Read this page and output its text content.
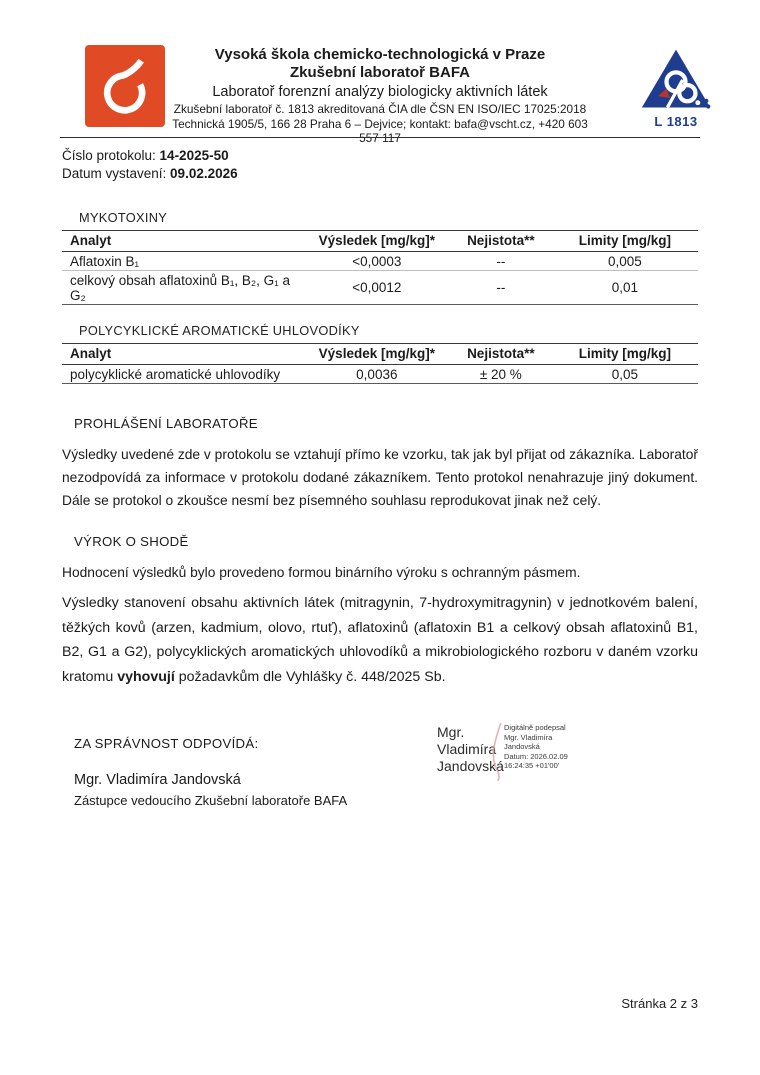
Vysoká škola chemicko-technologická v Praze
Zkušební laboratoř BAFA
Laboratoř forenzní analýzy biologicky aktivních látek
Zkušební laboratoř č. 1813 akreditovaná ČIA dle ČSN EN ISO/IEC 17025:2018
Technická 1905/5, 166 28 Praha 6 – Dejvice; kontakt: bafa@vscht.cz, +420 603 557 117
L 1813
Číslo protokolu: 14-2025-50
Datum vystavení: 09.02.2026
MYKOTOXINY
Analyt	Výsledek [mg/kg]*	Nejistota**	Limity [mg/kg]
Aflatoxin B₁	<0,0003	--	0,005
celkový obsah aflatoxinů B₁, B₂, G₁ a G₂	<0,0012	--	0,01
POLYCYKLICKÉ AROMATICKÉ UHLOVODÍKY
Analyt	Výsledek [mg/kg]*	Nejistota**	Limity [mg/kg]
polycyklické aromatické uhlovodíky	0,0036	± 20 %	0,05
PROHLÁŠENÍ LABORATOŘE

Výsledky uvedené zde v protokolu se vztahují přímo ke vzorku, tak jak byl přijat od zákazníka. Laboratoř nezodpovídá za informace v protokolu dodané zákazníkem. Tento protokol nenahrazuje jiný dokument. Dále se protokol o zkoušce nesmí bez písemného souhlasu reprodukovat jinak než celý.

VÝROK O SHODĚ

Hodnocení výsledků bylo provedeno formou binárního výroku s ochranným pásmem.

Výsledky stanovení obsahu aktivních látek (mitragynin, 7-hydroxymitragynin) v jednotkovém balení, těžkých kovů (arzen, kadmium, olovo, rtuť), aflatoxinů (aflatoxin B1 a celkový obsah aflatoxinů B1, B2, G1 a G2), polycyklických aromatických uhlovodíků a mikrobiologického rozboru v daném vzorku kratomu vyhovují požadavkům dle Vyhlášky č. 448/2025 Sb.

ZA SPRÁVNOST ODPOVÍDÁ:
Mgr. Vladimíra Jandovská
Zástupce vedoucího Zkušební laboratoře BAFA
Mgr.
Vladimíra
Jandovská
Digitálně podepsal
Mgr. Vladimíra
Jandovská
Datum: 2026.02.09
16:24:35 +01'00'
Stránka 2 z 3
